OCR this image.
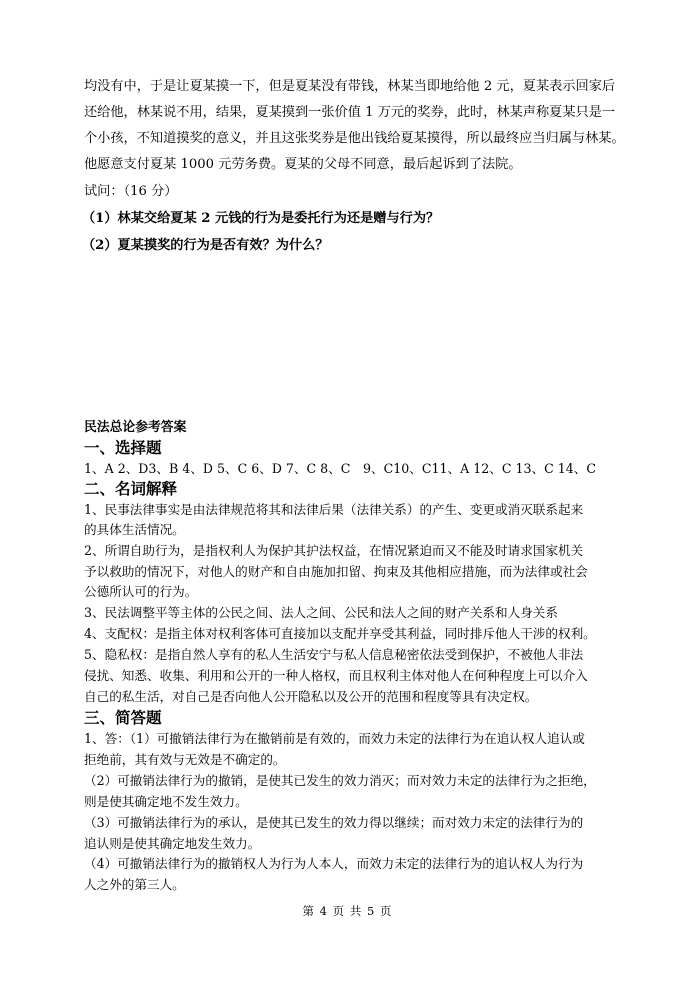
均没有中，于是让夏某摸一下，但是夏某没有带钱，林某当即地给他 2 元，夏某表示回家后
还给他，林某说不用，结果，夏某摸到一张价值 1 万元的奖券，此时，林某声称夏某只是一
个小孩，不知道摸奖的意义，并且这张奖券是他出钱给夏某摸得，所以最终应当归属与林某。
他愿意支付夏某 1000 元劳务费。夏某的父母不同意，最后起诉到了法院。
试问：（16 分）
（1）林某交给夏某 2 元钱的行为是委托行为还是赠与行为？
（2）夏某摸奖的行为是否有效？为什么？
民法总论参考答案
一、选择题
1、A 2、D3、B 4、D 5、C 6、D 7、C 8、C　9、C10、C11、A 12、C 13、C 14、C
二、名词解释
1、民事法律事实是由法律规范将其和法律后果（法律关系）的产生、变更或消灭联系起来
的具体生活情况。
2、所谓自助行为，是指权利人为保护其护法权益，在情况紧迫而又不能及时请求国家机关
予以救助的情况下，对他人的财产和自由施加扣留、拘束及其他相应措施，而为法律或社会
公德所认可的行为。
3、民法调整平等主体的公民之间、法人之间、公民和法人之间的财产关系和人身关系
4、支配权：是指主体对权利客体可直接加以支配并享受其利益，同时排斥他人干涉的权利。
5、隐私权：是指自然人享有的私人生活安宁与私人信息秘密依法受到保护，不被他人非法
侵扰、知悉、收集、利用和公开的一种人格权，而且权利主体对他人在何种程度上可以介入
自己的私生活，对自己是否向他人公开隐私以及公开的范围和程度等具有决定权。
三、简答题
1、答：（1）可撤销法律行为在撤销前是有效的，而效力未定的法律行为在追认权人追认或
拒绝前，其有效与无效是不确定的。
（2）可撤销法律行为的撤销，是使其已发生的效力消灭；而对效力未定的法律行为之拒绝，
则是使其确定地不发生效力。
（3）可撤销法律行为的承认，是使其已发生的效力得以继续；而对效力未定的法律行为的
追认则是使其确定地发生效力。
（4）可撤销法律行为的撤销权人为行为人本人，而效力未定的法律行为的追认权人为行为
人之外的第三人。
第 4 页 共 5 页
